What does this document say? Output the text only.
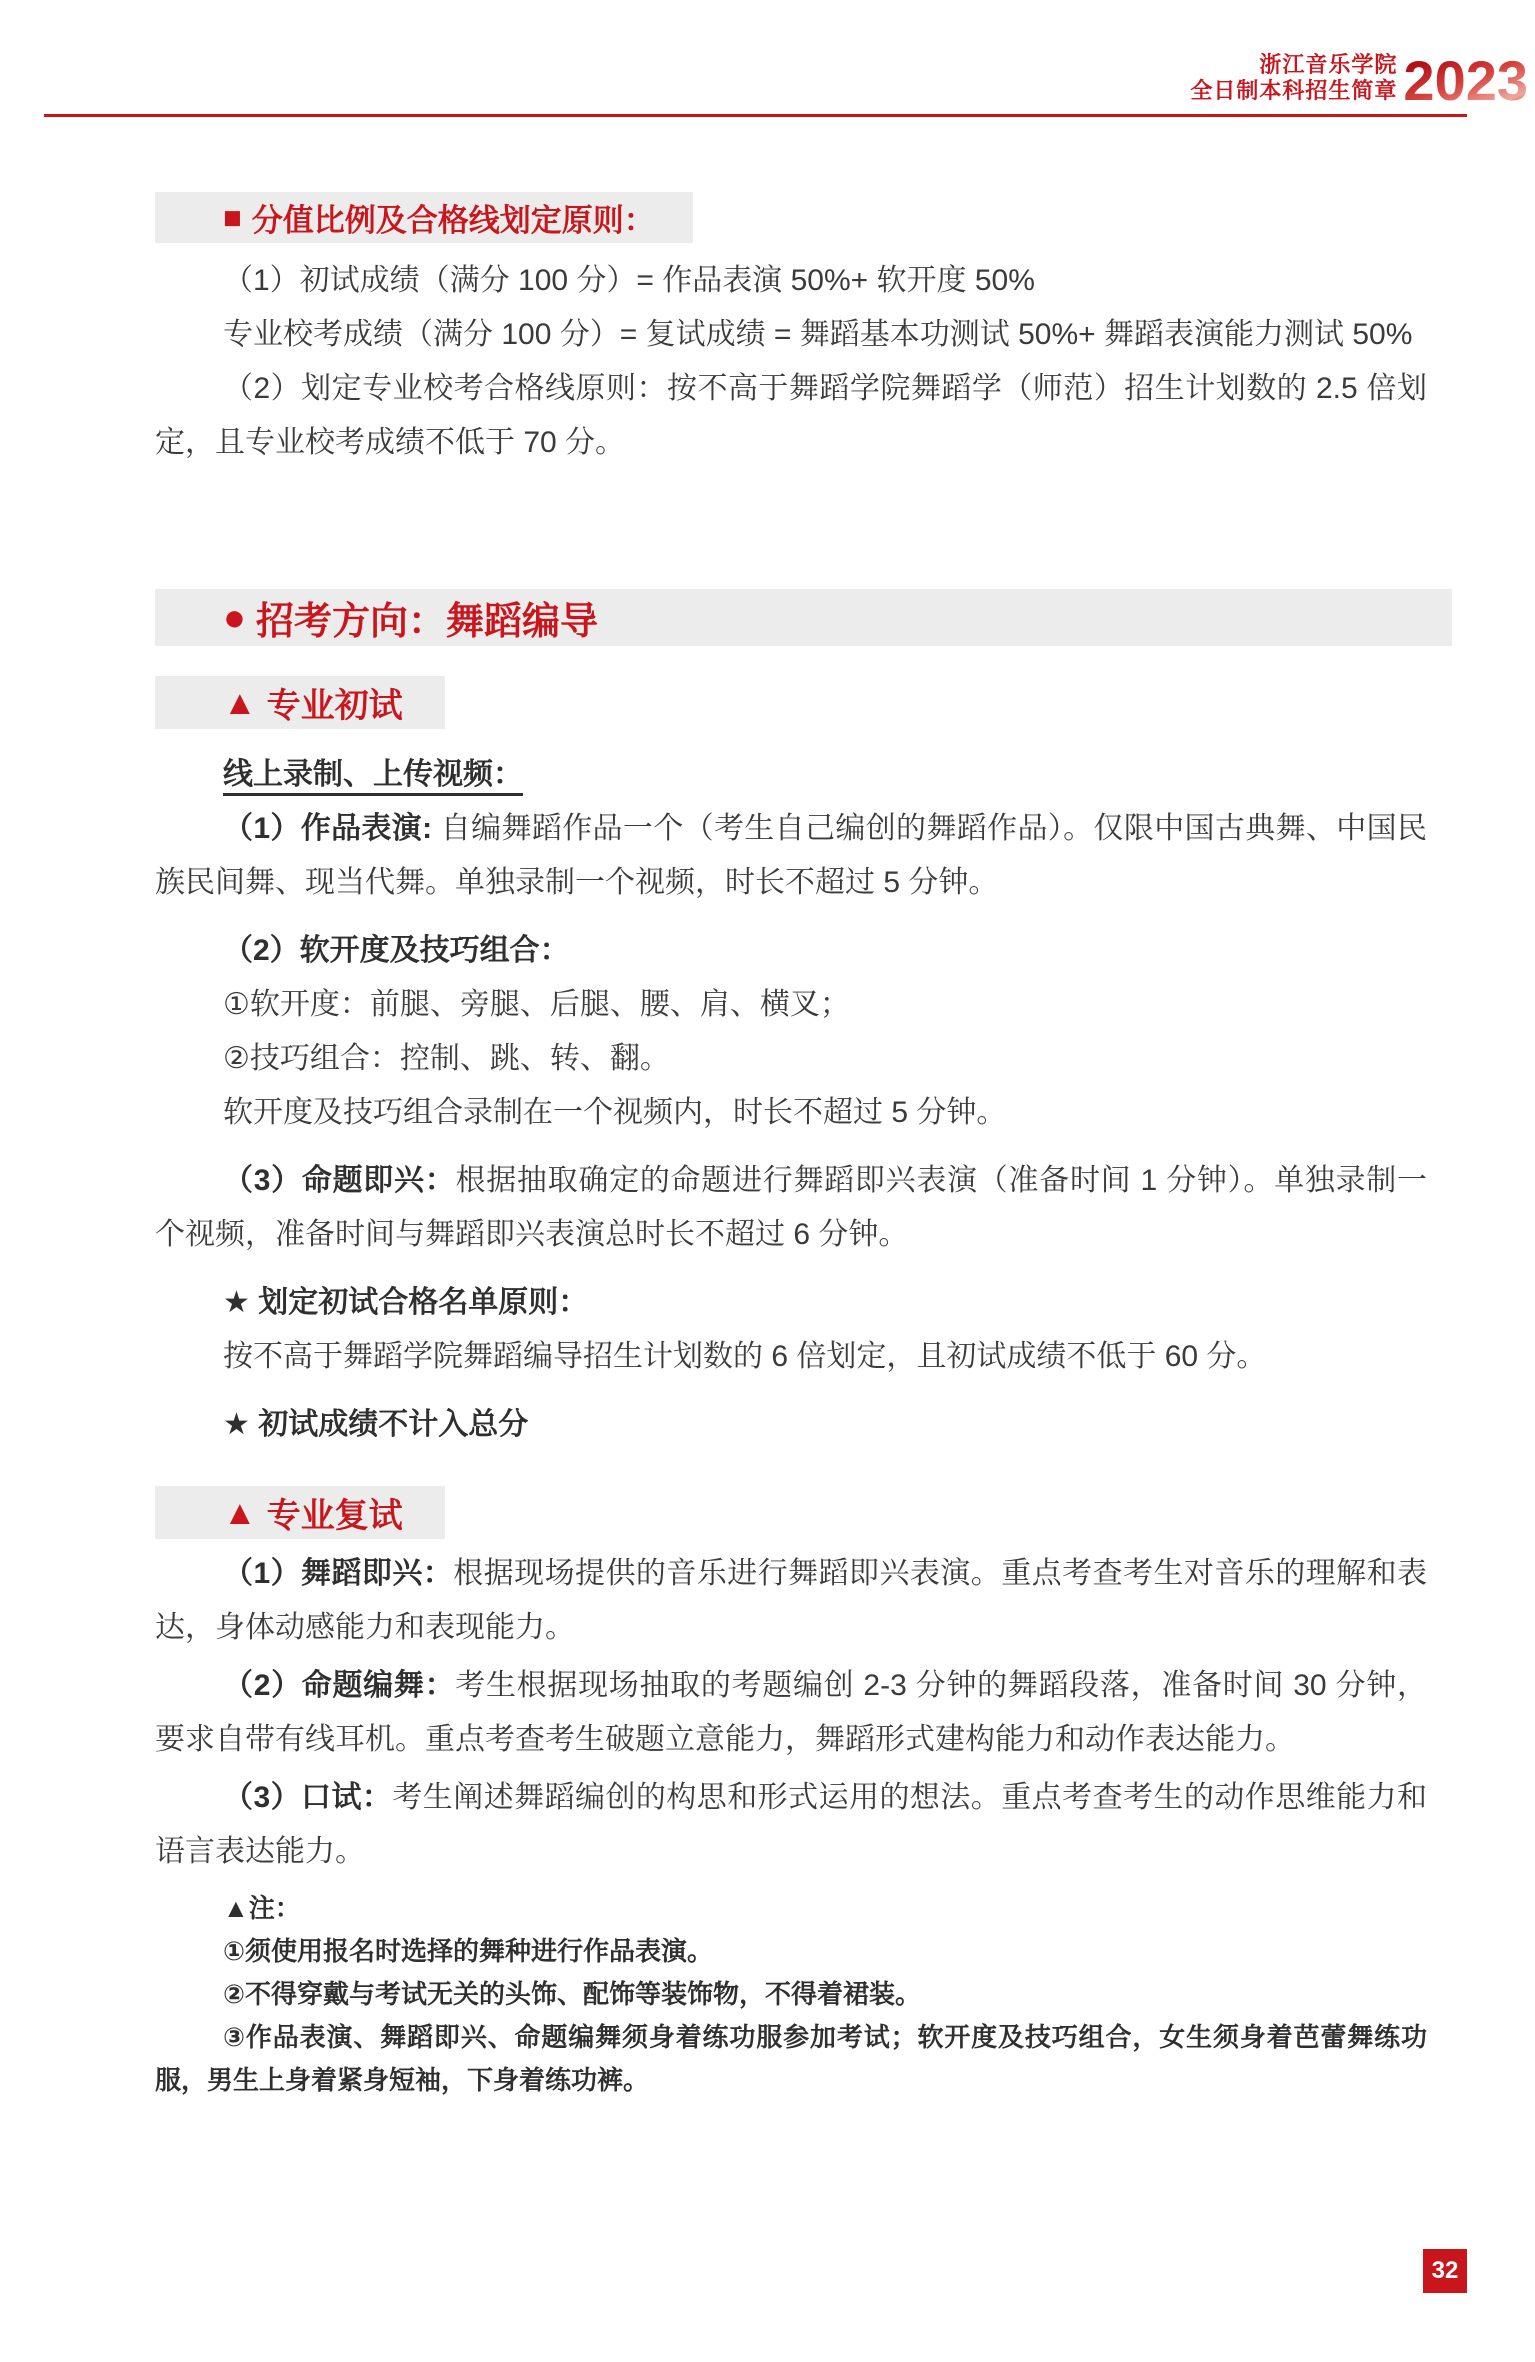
浙江音乐学院
全日制本科招生简章 2023
■ 分值比例及合格线划定原则：

（1）初试成绩（满分 100 分）= 作品表演 50%+ 软开度 50%

专业校考成绩（满分 100 分）= 复试成绩 = 舞蹈基本功测试 50%+ 舞蹈表演能力测试 50%

（2）划定专业校考合格线原则：按不高于舞蹈学院舞蹈学（师范）招生计划数的 2.5 倍划定，且专业校考成绩不低于 70 分。

● 招考方向：舞蹈编导
▲ 专业初试

线上录制、上传视频：

（1）作品表演: 自编舞蹈作品一个（考生自己编创的舞蹈作品）。仅限中国古典舞、中国民族民间舞、现当代舞。单独录制一个视频，时长不超过 5 分钟。

（2）软开度及技巧组合：

①软开度：前腿、旁腿、后腿、腰、肩、横叉；

②技巧组合：控制、跳、转、翻。

软开度及技巧组合录制在一个视频内，时长不超过 5 分钟。

（3）命题即兴：根据抽取确定的命题进行舞蹈即兴表演（准备时间 1 分钟）。单独录制一个视频，准备时间与舞蹈即兴表演总时长不超过 6 分钟。

★ 划定初试合格名单原则：

按不高于舞蹈学院舞蹈编导招生计划数的 6 倍划定，且初试成绩不低于 60 分。

★ 初试成绩不计入总分

▲ 专业复试

（1）舞蹈即兴：根据现场提供的音乐进行舞蹈即兴表演。重点考查考生对音乐的理解和表达，身体动感能力和表现能力。

（2）命题编舞：考生根据现场抽取的考题编创 2-3 分钟的舞蹈段落，准备时间 30 分钟，要求自带有线耳机。重点考查考生破题立意能力，舞蹈形式建构能力和动作表达能力。

（3）口试：考生阐述舞蹈编创的构思和形式运用的想法。重点考查考生的动作思维能力和语言表达能力。

▲注：

①须使用报名时选择的舞种进行作品表演。

②不得穿戴与考试无关的头饰、配饰等装饰物，不得着裙装。

③作品表演、舞蹈即兴、命题编舞须身着练功服参加考试；软开度及技巧组合，女生须身着芭蕾舞练功服，男生上身着紧身短袖，下身着练功裤。

32
